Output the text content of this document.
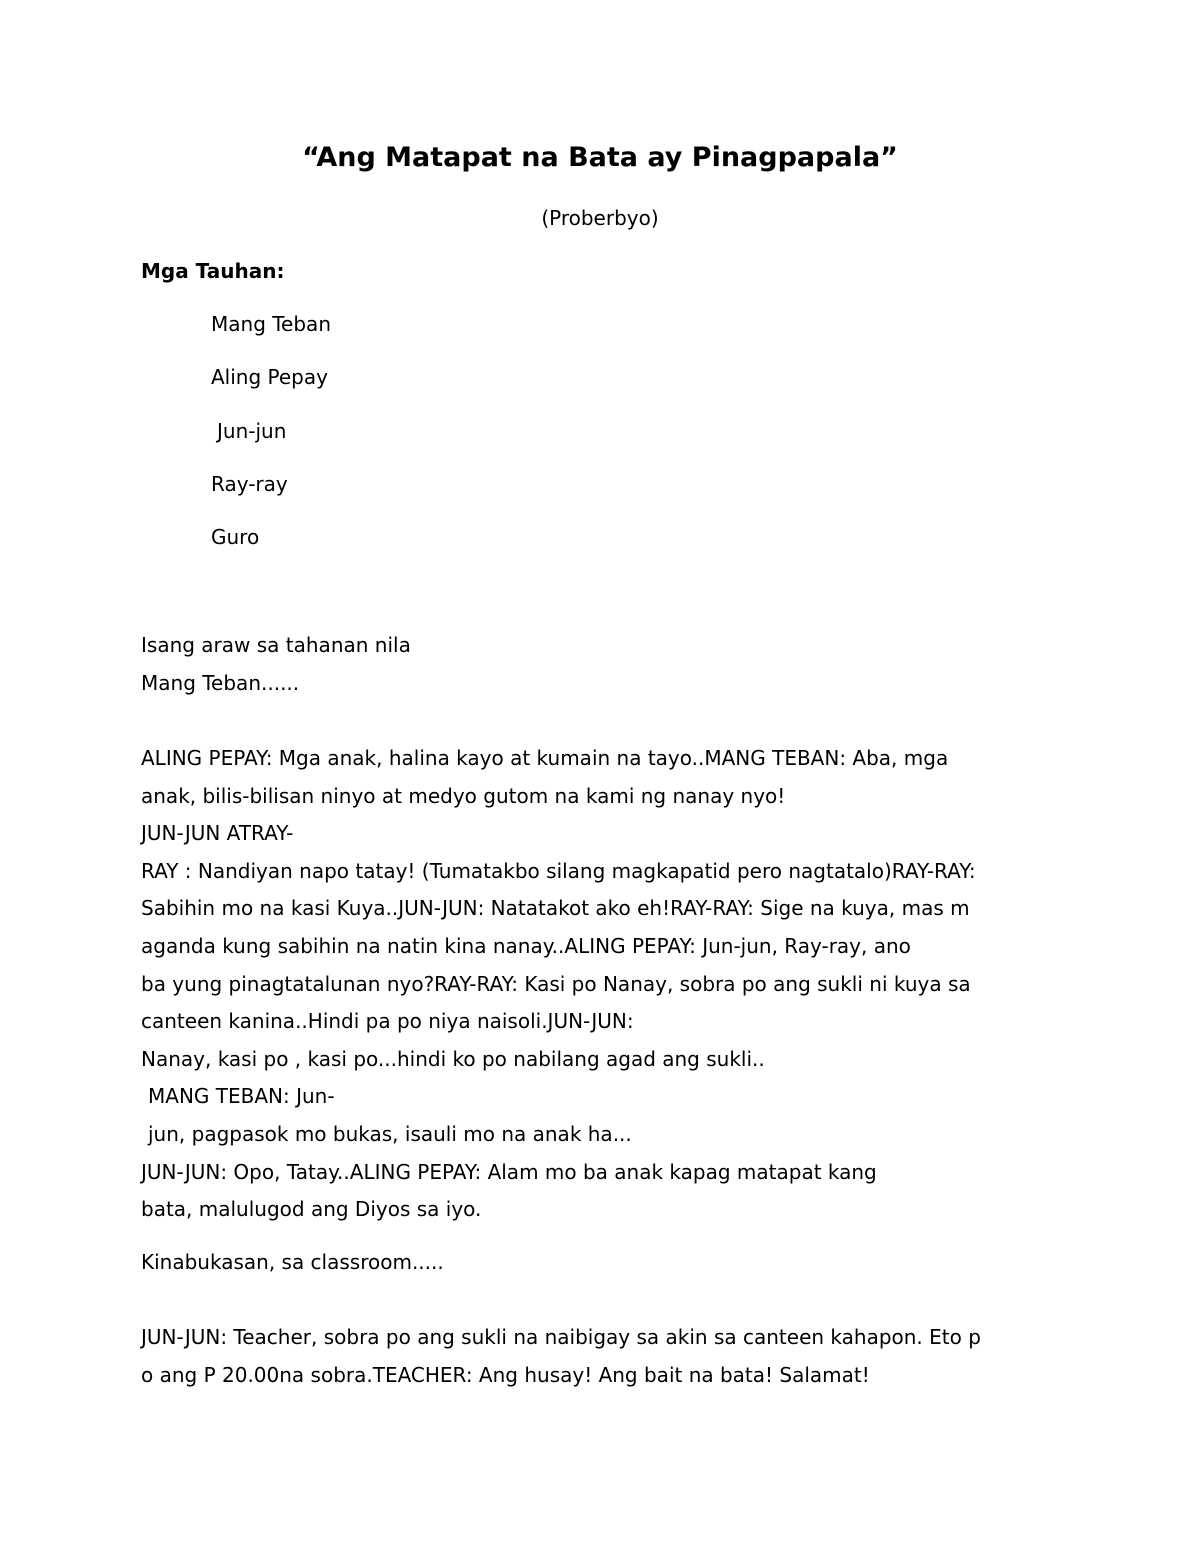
“Ang Matapat na Bata ay Pinagpapala”

(Proberbyo)

Mga Tauhan:

Mang Teban
Aling Pepay
Jun-jun
Ray-ray
Guro
Isang araw sa tahanan nila
Mang Teban......
ALING PEPAY: Mga anak, halina kayo at kumain na tayo..MANG TEBAN: Aba, mga
anak, bilis-bilisan ninyo at medyo gutom na kami ng nanay nyo!
JUN-JUN ATRAY-
RAY : Nandiyan napo tatay! (Tumatakbo silang magkapatid pero nagtatalo)RAY-RAY:
Sabihin mo na kasi Kuya..JUN-JUN: Natatakot ako eh!RAY-RAY: Sige na kuya, mas m
aganda kung sabihin na natin kina nanay..ALING PEPAY: Jun-jun, Ray-ray, ano
ba yung pinagtatalunan nyo?RAY-RAY: Kasi po Nanay, sobra po ang sukli ni kuya sa
canteen kanina..Hindi pa po niya naisoli.JUN-JUN:
Nanay, kasi po , kasi po...hindi ko po nabilang agad ang sukli..
MANG TEBAN: Jun-
jun, pagpasok mo bukas, isauli mo na anak ha...
JUN-JUN: Opo, Tatay..ALING PEPAY: Alam mo ba anak kapag matapat kang
bata, malulugod ang Diyos sa iyo.
Kinabukasan, sa classroom.....
JUN-JUN: Teacher, sobra po ang sukli na naibigay sa akin sa canteen kahapon. Eto p
o ang P 20.00na sobra.TEACHER: Ang husay! Ang bait na bata! Salamat!
